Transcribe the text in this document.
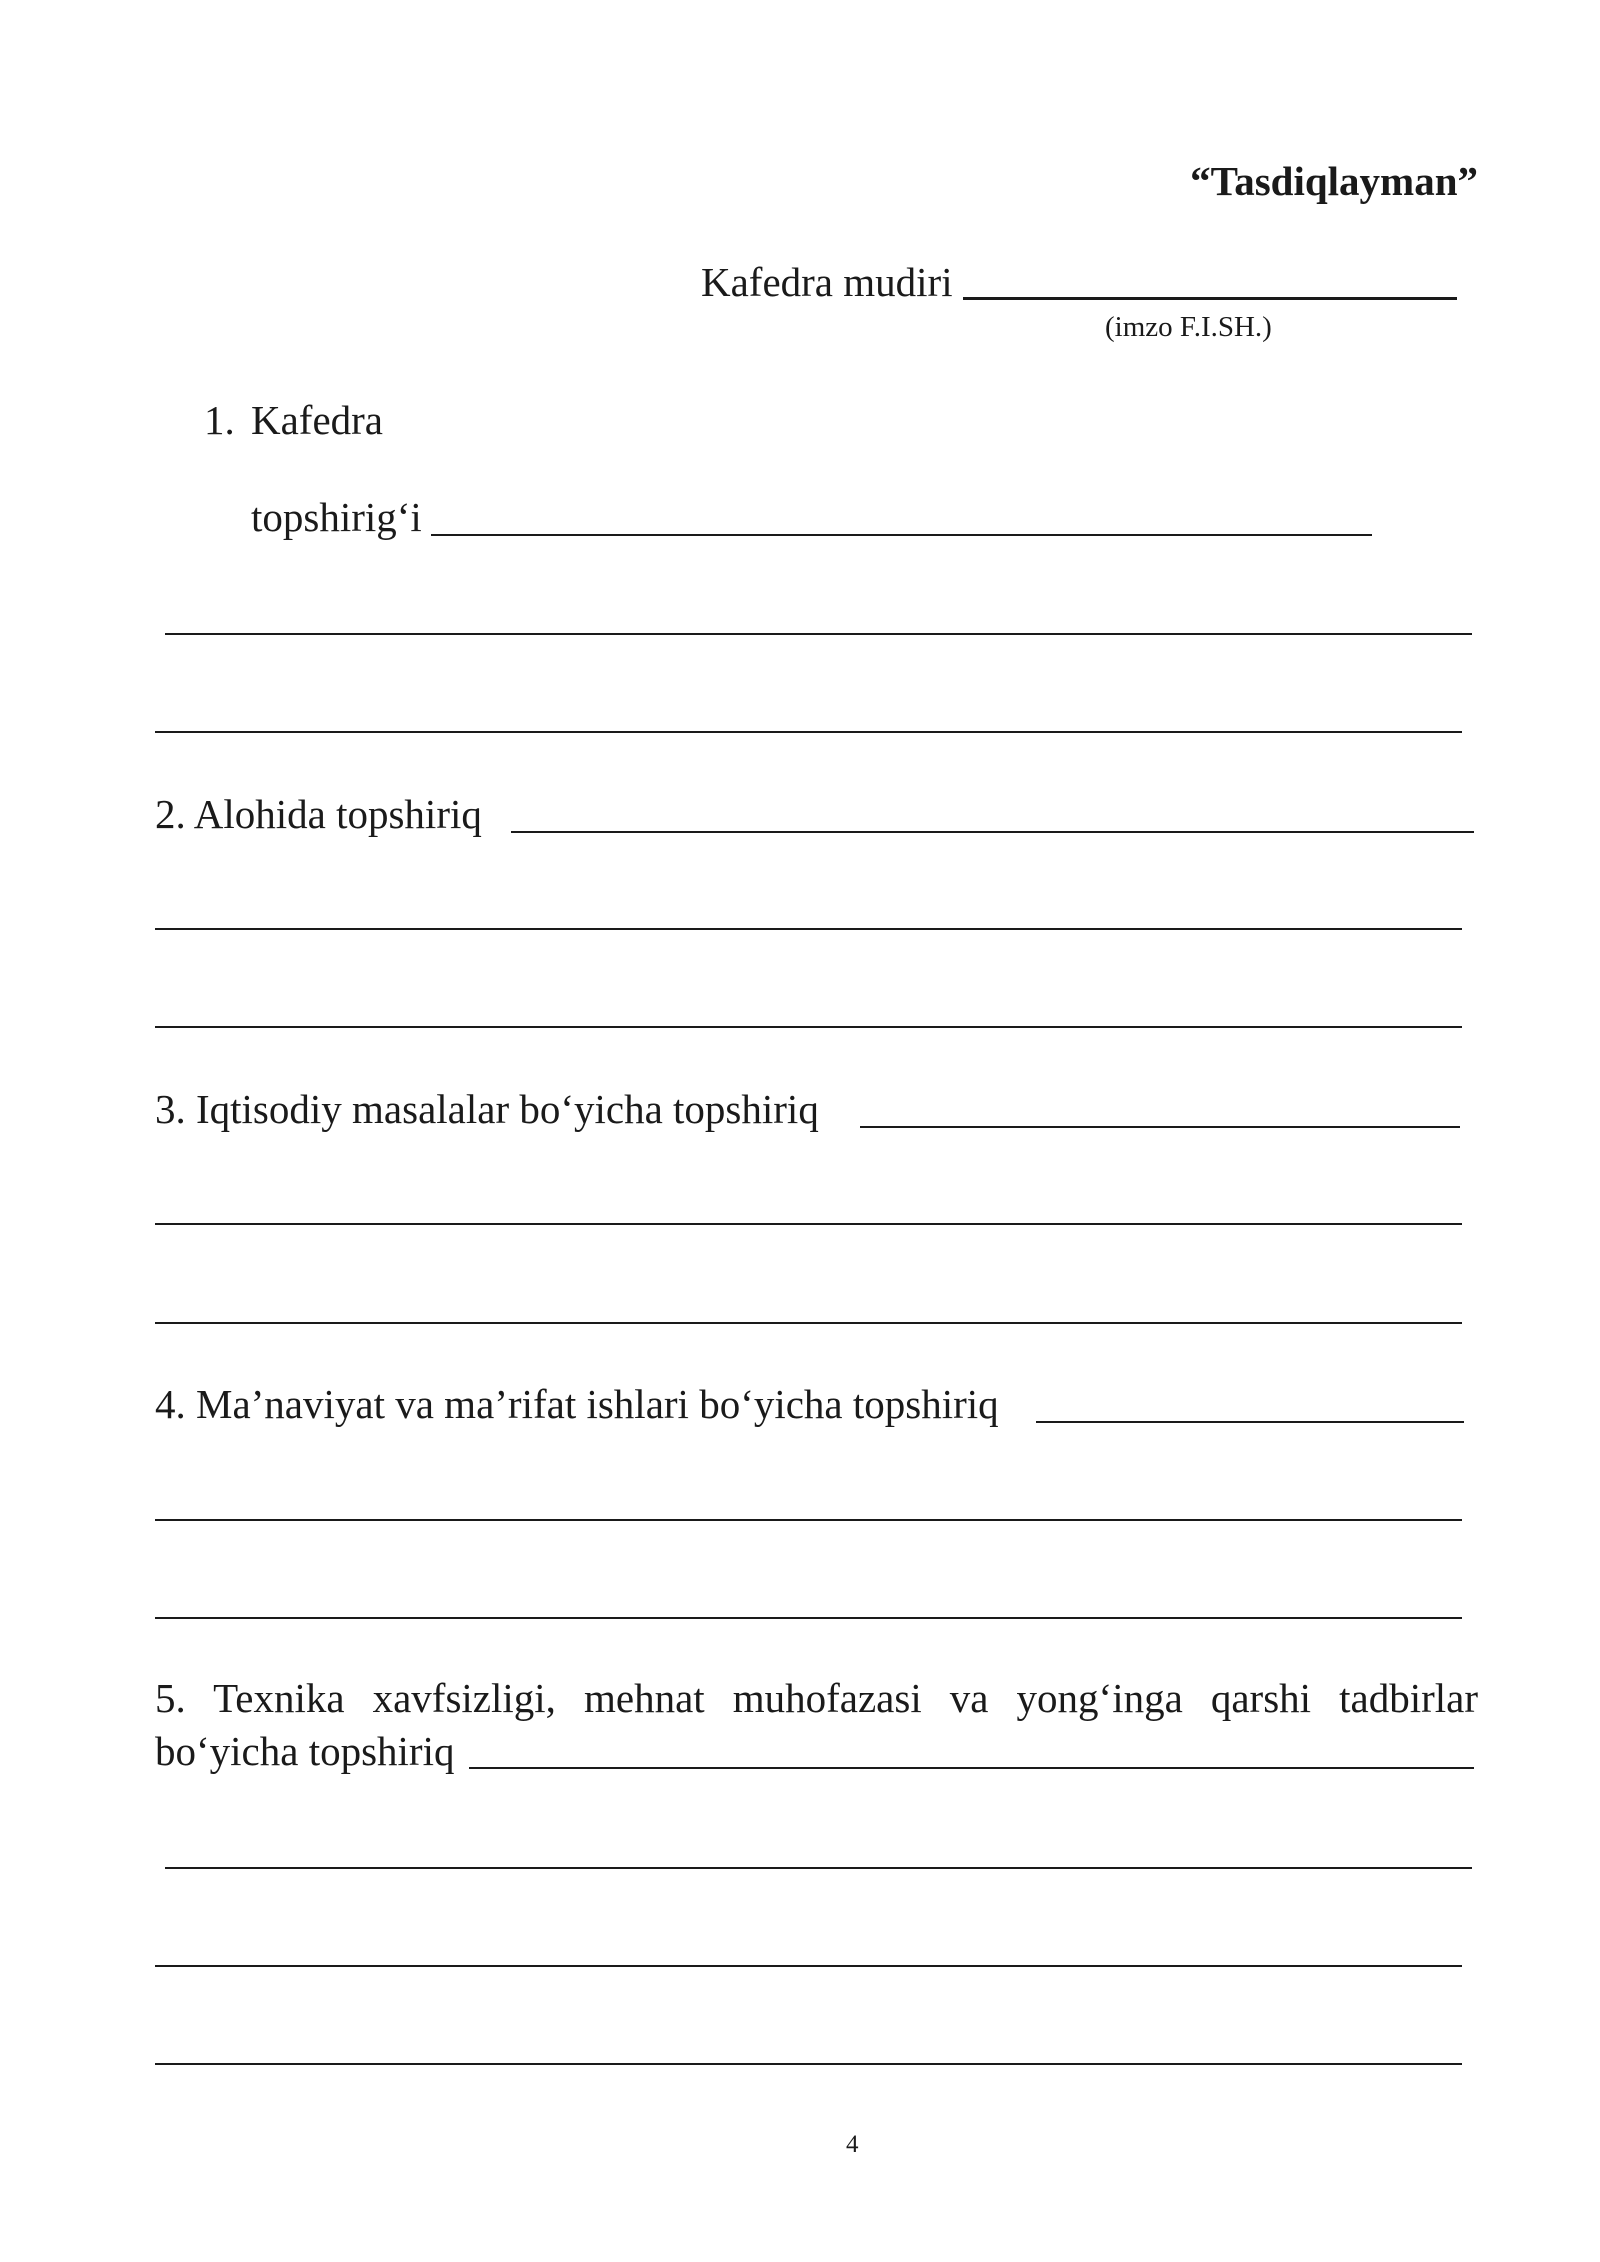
“Tasdiqlayman”
Kafedra mudiri
(imzo F.I.SH.)
1. Kafedra
topshirig‘i
2. Alohida topshiriq
3. Iqtisodiy masalalar bo‘yicha topshiriq
4. Ma’naviyat va ma’rifat ishlari bo‘yicha topshiriq
5. Texnika xavfsizligi, mehnat muhofazasi va yong‘inga qarshi tadbirlar
bo‘yicha topshiriq
4
